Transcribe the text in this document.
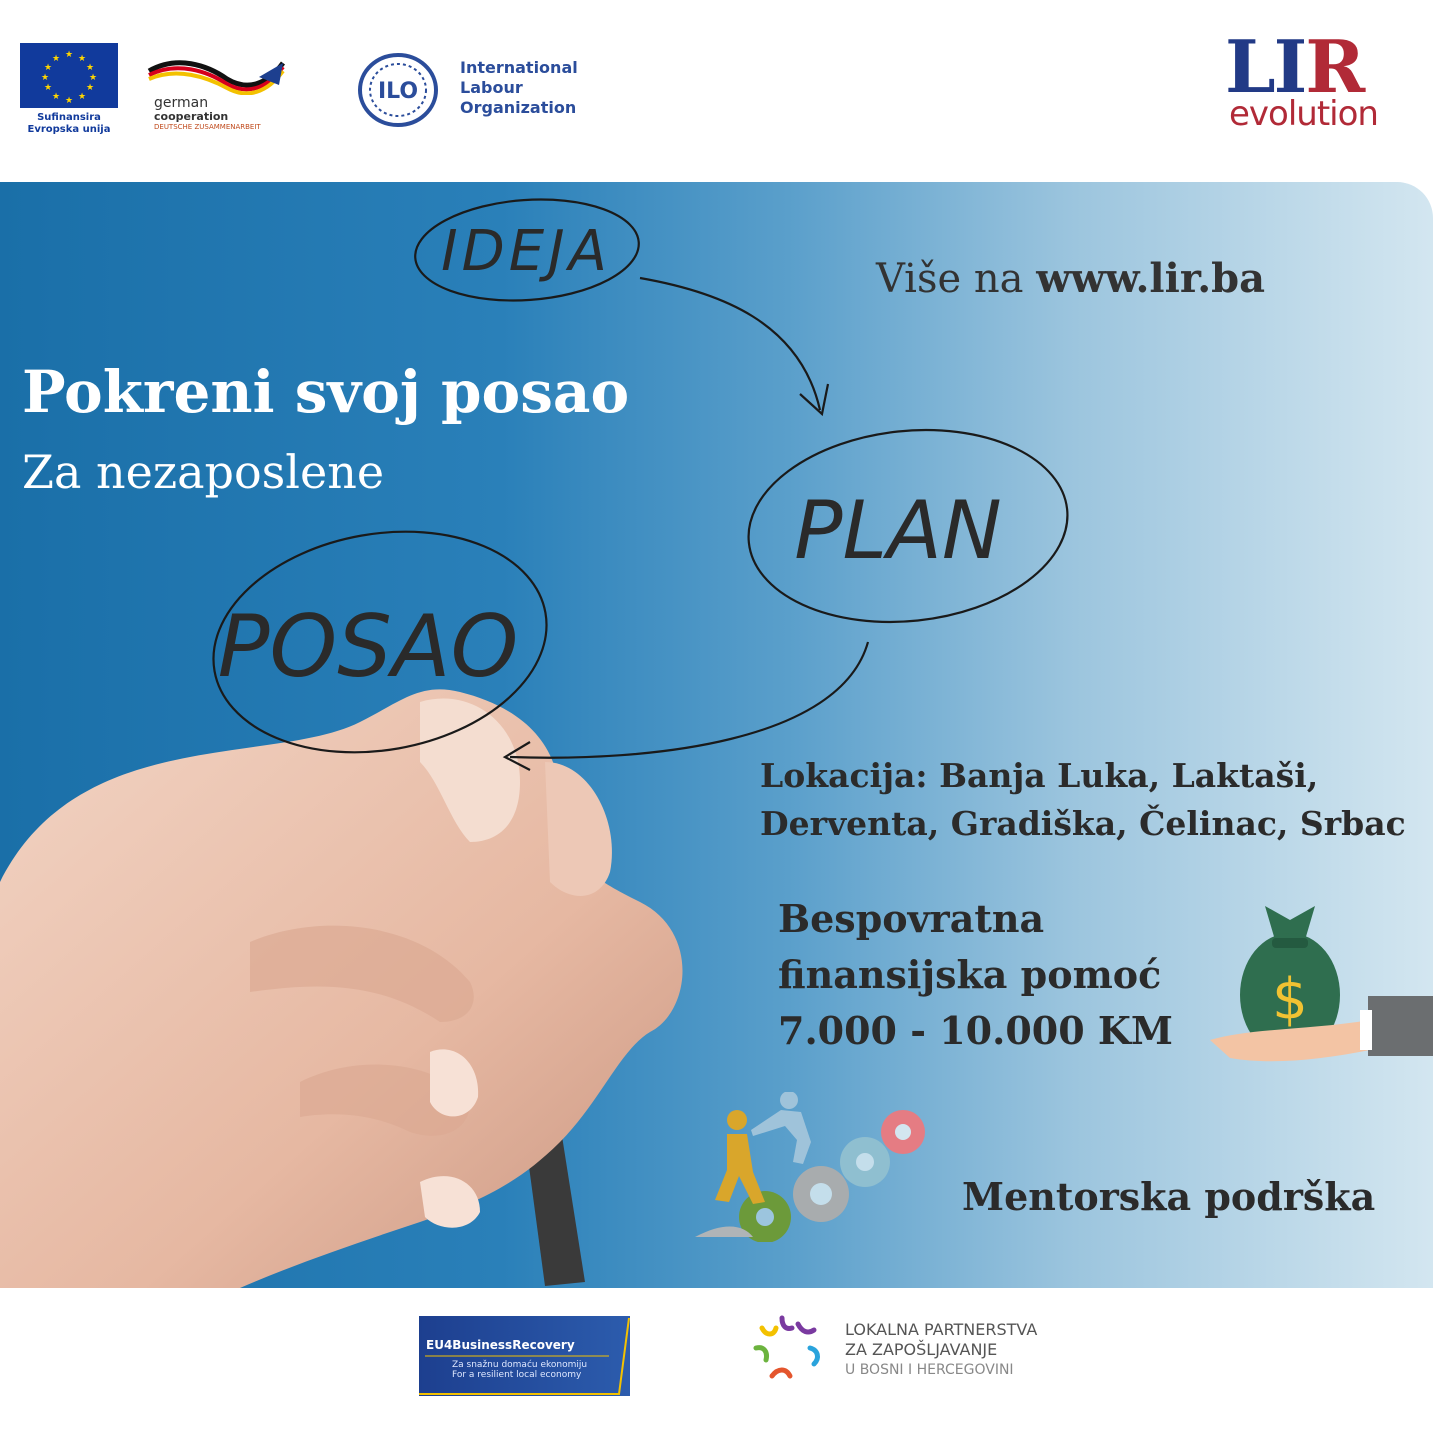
★ ★
★
★
★
★
★
★
★
★
★
★
Sufinansira
Evropska unija
german
cooperation
DEUTSCHE ZUSAMMENARBEIT
ILO
International
Labour
Organization	LIR
evolution
IDEJA
PLAN
POSAO
$
Pokreni svoj posao
Za nezaposlene
Više na www.lir.ba
Lokacija: Banja Luka, Laktaši,
Derventa, Gradiška, Čelinac, Srbac
Bespovratna
finansijska pomoć
7.000 - 10.000 KM
Mentorska podrška
EU4BusinessRecovery
Za snažnu domaću ekonomiju
For a resilient local economy
LOKALNA PARTNERSTVA
ZA ZAPOŠLJAVANJE
U BOSNI I HERCEGOVINI
